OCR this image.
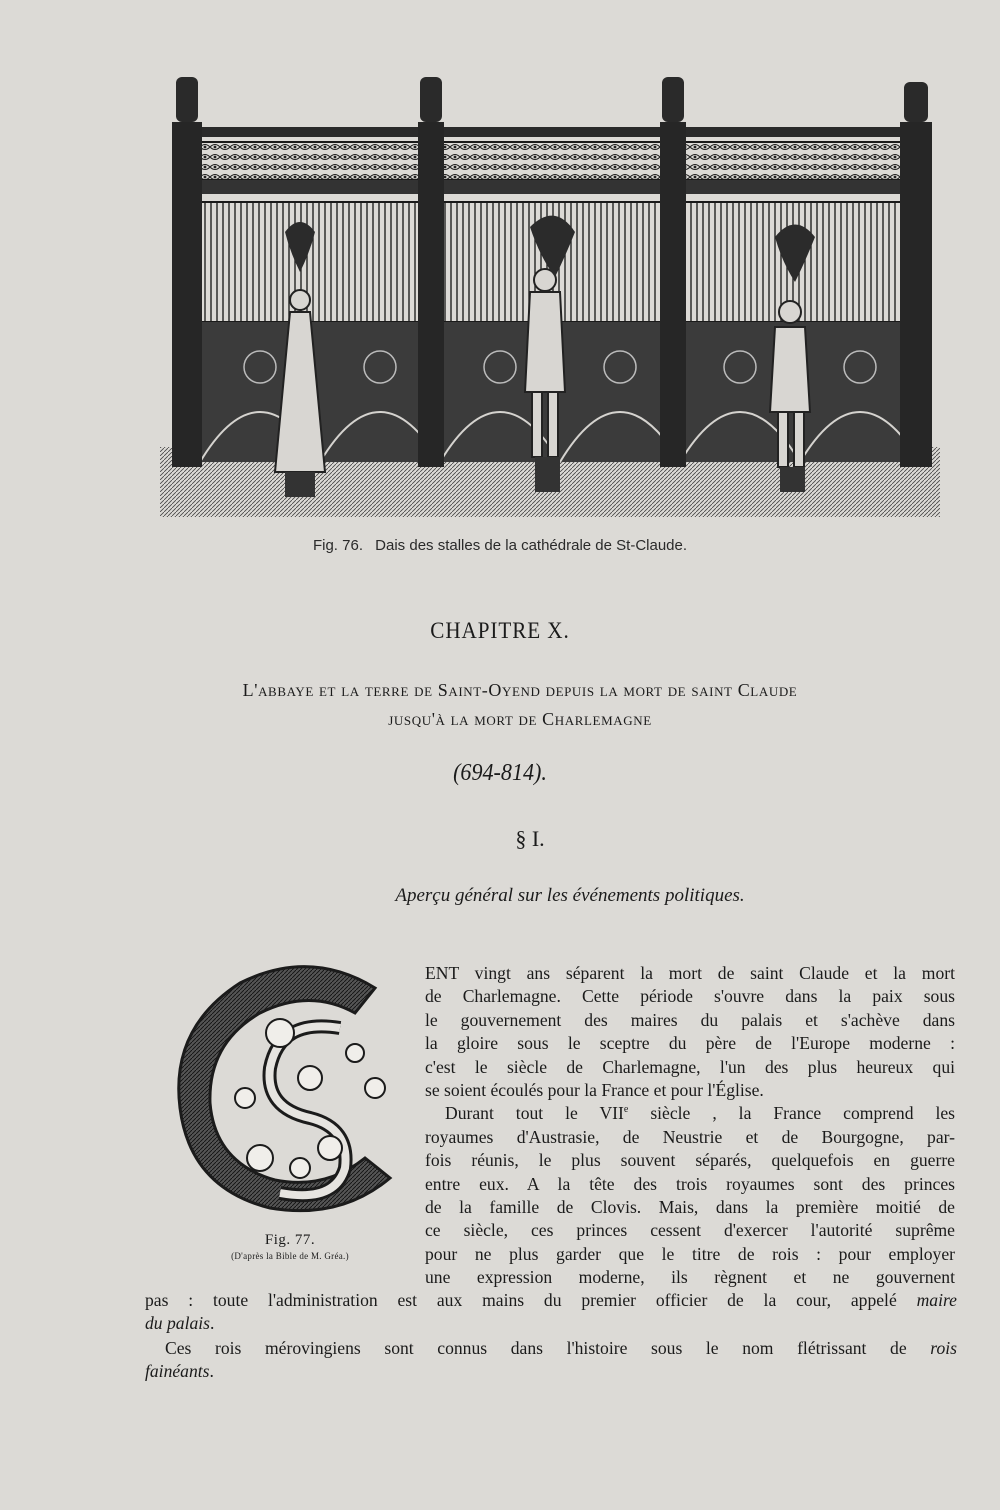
Fig. 76. Dais des stalles de la cathédrale de St-Claude.
CHAPITRE X.
L'abbaye et la terre de Saint-Oyend depuis la mort de saint Claude
jusqu'à la mort de Charlemagne
(694-814).
§ I.
Aperçu général sur les événements politiques.
Fig. 77.
(D'après la Bible de M. Gréa.)
ENT vingt ans séparent la mort de saint Claude et la mort
de Charlemagne. Cette période s'ouvre dans la paix sous
le gouvernement des maires du palais et s'achève dans
la gloire sous le sceptre du père de l'Europe moderne :
c'est le siècle de Charlemagne, l'un des plus heureux qui
se soient écoulés pour la France et pour l'Église.
Durant tout le VIIe siècle , la France comprend les
royaumes d'Austrasie, de Neustrie et de Bourgogne, par-
fois réunis, le plus souvent séparés, quelquefois en guerre
entre eux. A la tête des trois royaumes sont des princes
de la famille de Clovis. Mais, dans la première moitié de
ce siècle, ces princes cessent d'exercer l'autorité suprême
pour ne plus garder que le titre de rois : pour employer
une expression moderne, ils règnent et ne gouvernent
pas : toute l'administration est aux mains du premier officier de la cour, appelé maire
du palais.
Ces rois mérovingiens sont connus dans l'histoire sous le nom flétrissant de rois
fainéants.
